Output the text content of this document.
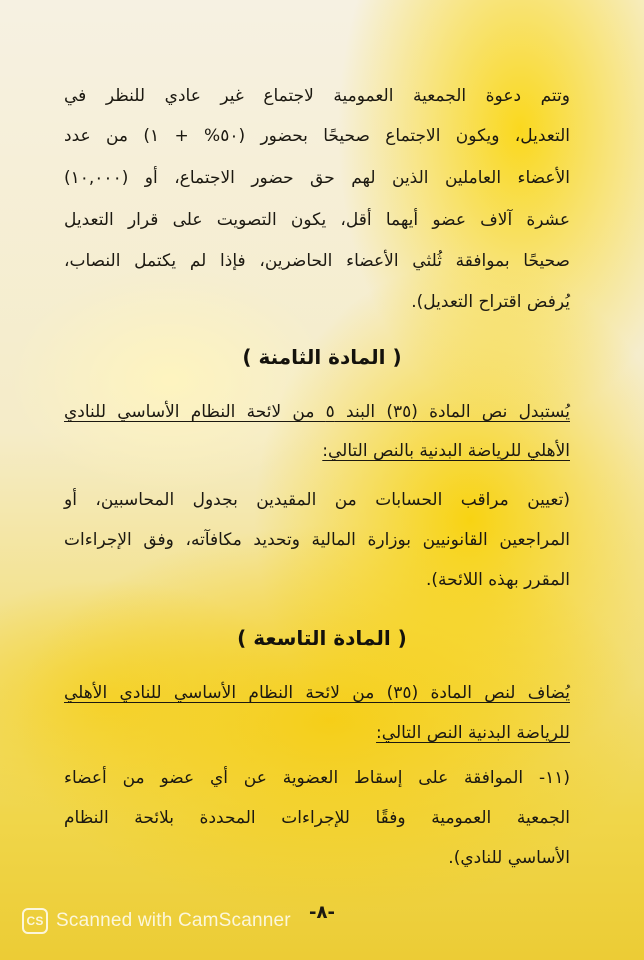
وتتم دعوة الجمعية العمومية لاجتماع غير عادي للنظر في
التعديل، ويكون الاجتماع صحيحًا بحضور (٥٠% + ١) من عدد
الأعضاء العاملين الذين لهم حق حضور الاجتماع، أو (١٠,٠٠٠)
عشرة آلاف عضو أيهما أقل، يكون التصويت على قرار التعديل
صحيحًا بموافقة ثُلثي الأعضاء الحاضرين، فإذا لم يكتمل النصاب،
يُرفض اقتراح التعديل).
( المادة الثامنة )
يُستبدل نص المادة (٣٥) البند ٥ من لائحة النظام الأساسي للنادي
الأهلي للرياضة البدنية بالنص التالي:
(تعيين مراقب الحسابات من المقيدين بجدول المحاسبين، أو
المراجعين القانونيين بوزارة المالية وتحديد مكافآته، وفق الإجراءات
المقرر بهذه اللائحة).
( المادة التاسعة )
يُضاف لنص المادة (٣٥) من لائحة النظام الأساسي للنادي الأهلي
للرياضة البدنية النص التالي:
(١١- الموافقة على إسقاط العضوية عن أي عضو من أعضاء
الجمعية العمومية وفقًا للإجراءات المحددة بلائحة النظام
الأساسي للنادي).
-٨-
CS Scanned with CamScanner
